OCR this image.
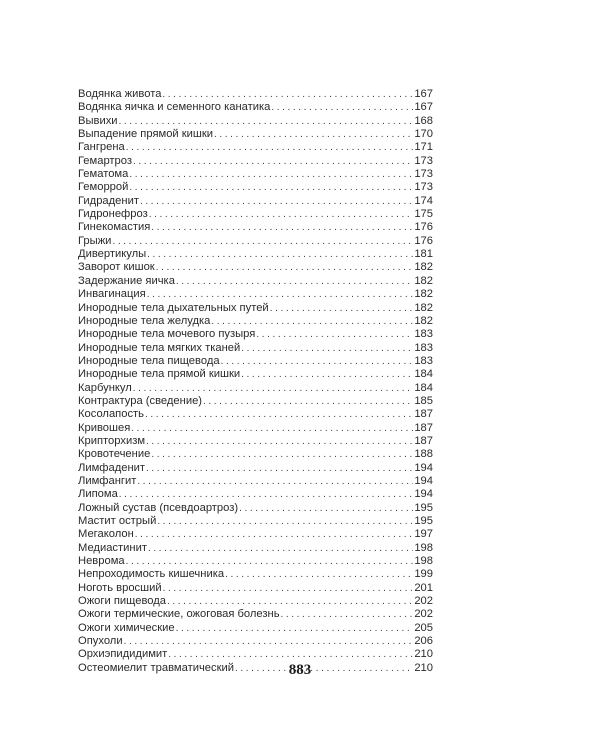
Водянка живота .....	167
Водянка яичка и семенного канатика .....	167
Вывихи .....	168
Выпадение прямой кишки .....	170
Гангрена .....	171
Гемартроз .....	173
Гематома .....	173
Геморрой .....	173
Гидраденит .....	174
Гидронефроз .....	175
Гинекомастия .....	176
Грыжи .....	176
Дивертикулы .....	181
Заворот кишок .....	182
Задержание яичка .....	182
Инвагинация .....	182
Инородные тела дыхательных путей .....	182
Инородные тела желудка .....	182
Инородные тела мочевого пузыря .....	183
Инородные тела мягких тканей .....	183
Инородные тела пищевода .....	183
Инородные тела прямой кишки .....	184
Карбункул .....	184
Контрактура (сведение) .....	185
Косолапость .....	187
Кривошея .....	187
Крипторхизм .....	187
Кровотечение .....	188
Лимфаденит .....	194
Лимфангит .....	194
Липома .....	194
Ложный сустав (псевдоартроз) .....	195
Мастит острый .....	195
Мегаколон .....	197
Медиастинит .....	198
Неврома .....	198
Непроходимость кишечника .....	199
Ноготь вросший .....	201
Ожоги пищевода .....	202
Ожоги термические, ожоговая болезнь .....	202
Ожоги химические .....	205
Опухоли .....	206
Орхиэпидидимит .....	210
Остеомиелит травматический .....	210
883
